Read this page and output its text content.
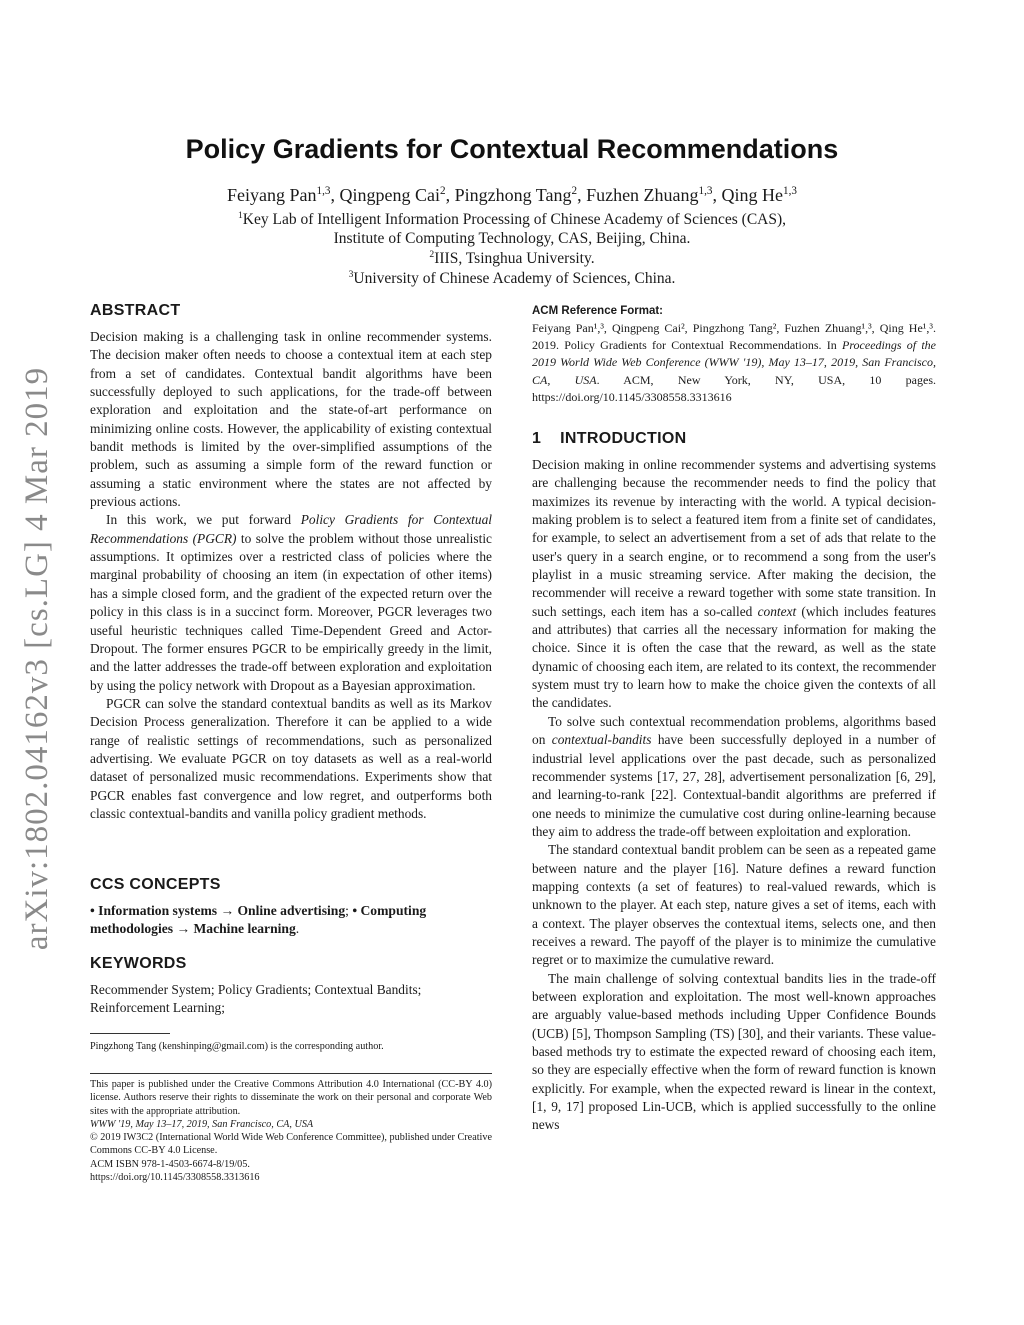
arXiv:1802.04162v3 [cs.LG] 4 Mar 2019
Policy Gradients for Contextual Recommendations
Feiyang Pan$^{1,3}$, Qingpeng Cai$^2$, Pingzhong Tang$^2$, Fuzhen Zhuang$^{1,3}$, Qing He$^{1,3}$
$^1$Key Lab of Intelligent Information Processing of Chinese Academy of Sciences (CAS),
Institute of Computing Technology, CAS, Beijing, China.
$^2$IIIS, Tsinghua University.
$^3$University of Chinese Academy of Sciences, China.
ABSTRACT

Decision making is a challenging task in online recommender systems. The decision maker often needs to choose a contextual item at each step from a set of candidates. Contextual bandit algorithms have been successfully deployed to such applications, for the trade-off between exploration and exploitation and the state-of-art performance on minimizing online costs. However, the applicability of existing contextual bandit methods is limited by the over-simplified assumptions of the problem, such as assuming a simple form of the reward function or assuming a static environment where the states are not affected by previous actions.

In this work, we put forward Policy Gradients for Contextual Recommendations (PGCR) to solve the problem without those unrealistic assumptions. It optimizes over a restricted class of policies where the marginal probability of choosing an item (in expectation of other items) has a simple closed form, and the gradient of the expected return over the policy in this class is in a succinct form. Moreover, PGCR leverages two useful heuristic techniques called Time-Dependent Greed and Actor-Dropout. The former ensures PGCR to be empirically greedy in the limit, and the latter addresses the trade-off between exploration and exploitation by using the policy network with Dropout as a Bayesian approximation.

PGCR can solve the standard contextual bandits as well as its Markov Decision Process generalization. Therefore it can be applied to a wide range of realistic settings of recommendations, such as personalized advertising. We evaluate PGCR on toy datasets as well as a real-world dataset of personalized music recommendations. Experiments show that PGCR enables fast convergence and low regret, and outperforms both classic contextual-bandits and vanilla policy gradient methods.

CCS CONCEPTS

• Information systems → Online advertising; • Computing methodologies → Machine learning.

KEYWORDS

Recommender System; Policy Gradients; Contextual Bandits; Reinforcement Learning;

Pingzhong Tang (kenshinping@gmail.com) is the corresponding author.

This paper is published under the Creative Commons Attribution 4.0 International (CC-BY 4.0) license. Authors reserve their rights to disseminate the work on their personal and corporate Web sites with the appropriate attribution.

WWW '19, May 13–17, 2019, San Francisco, CA, USA

© 2019 IW3C2 (International World Wide Web Conference Committee), published under Creative Commons CC-BY 4.0 License.

ACM ISBN 978-1-4503-6674-8/19/05.

https://doi.org/10.1145/3308558.3313616

ACM Reference Format:

Feiyang Pan¹,³, Qingpeng Cai², Pingzhong Tang², Fuzhen Zhuang¹,³, Qing He¹,³. 2019. Policy Gradients for Contextual Recommendations. In Proceedings of the 2019 World Wide Web Conference (WWW '19), May 13–17, 2019, San Francisco, CA, USA. ACM, New York, NY, USA, 10 pages. https://doi.org/10.1145/3308558.3313616

1    INTRODUCTION

Decision making in online recommender systems and advertising systems are challenging because the recommender needs to find the policy that maximizes its revenue by interacting with the world. A typical decision-making problem is to select a featured item from a finite set of candidates, for example, to select an advertisement from a set of ads that relate to the user's query in a search engine, or to recommend a song from the user's playlist in a music streaming service. After making the decision, the recommender will receive a reward together with some state transition. In such settings, each item has a so-called context (which includes features and attributes) that carries all the necessary information for making the choice. Since it is often the case that the reward, as well as the state dynamic of choosing each item, are related to its context, the recommender system must try to learn how to make the choice given the contexts of all the candidates.

To solve such contextual recommendation problems, algorithms based on contextual-bandits have been successfully deployed in a number of industrial level applications over the past decade, such as personalized recommender systems [17, 27, 28], advertisement personalization [6, 29], and learning-to-rank [22]. Contextual-bandit algorithms are preferred if one needs to minimize the cumulative cost during online-learning because they aim to address the trade-off between exploitation and exploration.

The standard contextual bandit problem can be seen as a repeated game between nature and the player [16]. Nature defines a reward function mapping contexts (a set of features) to real-valued rewards, which is unknown to the player. At each step, nature gives a set of items, each with a context. The player observes the contextual items, selects one, and then receives a reward. The payoff of the player is to minimize the cumulative regret or to maximize the cumulative reward.

The main challenge of solving contextual bandits lies in the trade-off between exploration and exploitation. The most well-known approaches are arguably value-based methods including Upper Confidence Bounds (UCB) [5], Thompson Sampling (TS) [30], and their variants. These value-based methods try to estimate the expected reward of choosing each item, so they are especially effective when the form of reward function is known explicitly. For example, when the expected reward is linear in the context, [1, 9, 17] proposed Lin-UCB, which is applied successfully to the online news
